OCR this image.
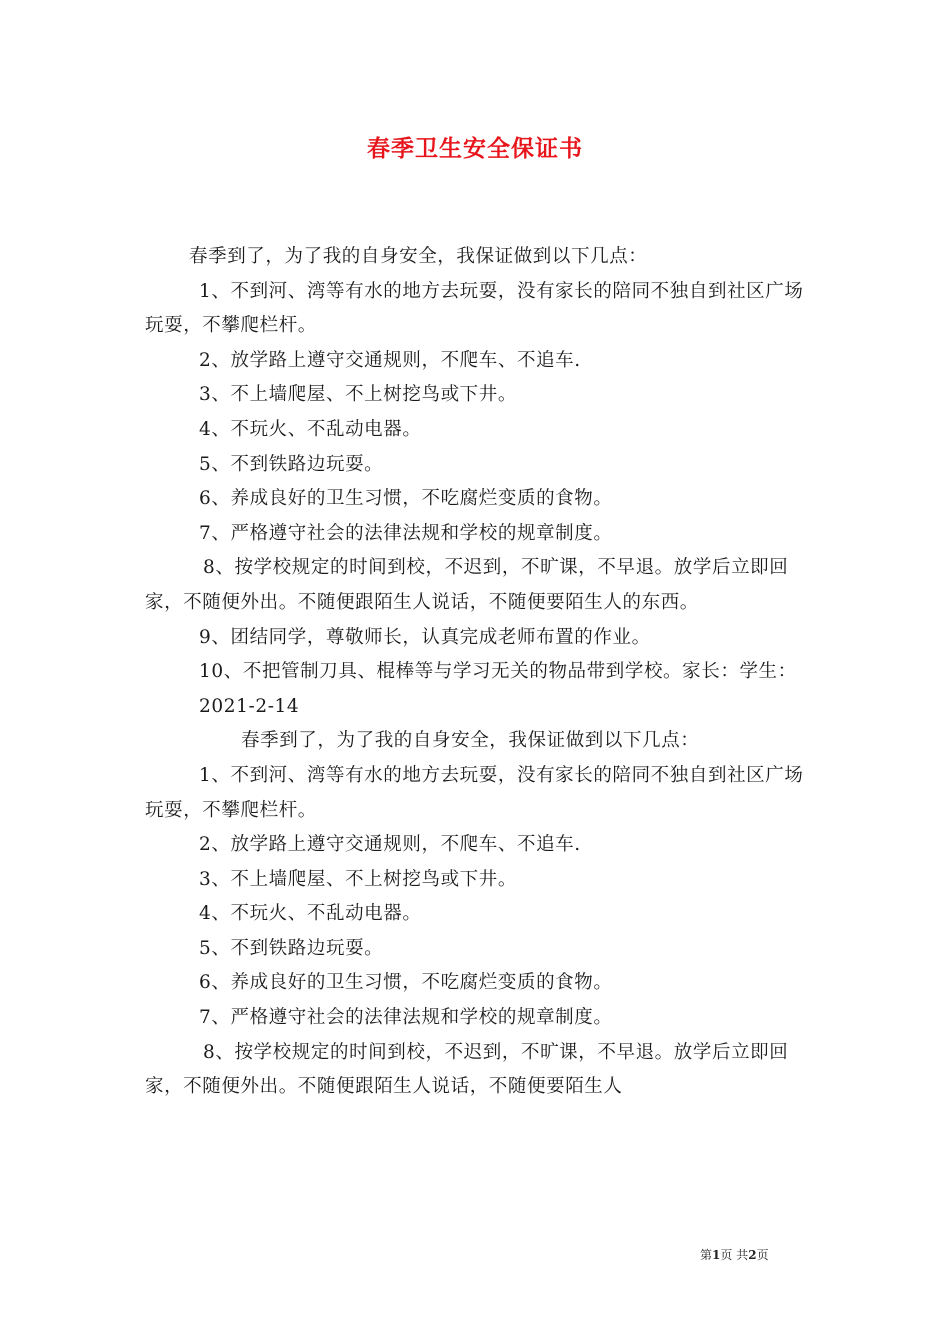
春季卫生安全保证书

春季到了，为了我的自身安全，我保证做到以下几点：

1、不到河、湾等有水的地方去玩耍，没有家长的陪同不独自到社区广场玩耍，不攀爬栏杆。

2、放学路上遵守交通规则，不爬车、不追车.

3、不上墙爬屋、不上树挖鸟或下井。

4、不玩火、不乱动电器。

5、不到铁路边玩耍。

6、养成良好的卫生习惯，不吃腐烂变质的食物。

7、严格遵守社会的法律法规和学校的规章制度。

8、按学校规定的时间到校，不迟到，不旷课，不早退。放学后立即回家，不随便外出。不随便跟陌生人说话，不随便要陌生人的东西。

9、团结同学，尊敬师长，认真完成老师布置的作业。

10、不把管制刀具、棍棒等与学习无关的物品带到学校。家长：学生：

2021-2-14

春季到了，为了我的自身安全，我保证做到以下几点：

1、不到河、湾等有水的地方去玩耍，没有家长的陪同不独自到社区广场玩耍，不攀爬栏杆。

2、放学路上遵守交通规则，不爬车、不追车.

3、不上墙爬屋、不上树挖鸟或下井。

4、不玩火、不乱动电器。

5、不到铁路边玩耍。

6、养成良好的卫生习惯，不吃腐烂变质的食物。

7、严格遵守社会的法律法规和学校的规章制度。

8、按学校规定的时间到校，不迟到，不旷课，不早退。放学后立即回家，不随便外出。不随便跟陌生人说话，不随便要陌生人

第1页 共2页
